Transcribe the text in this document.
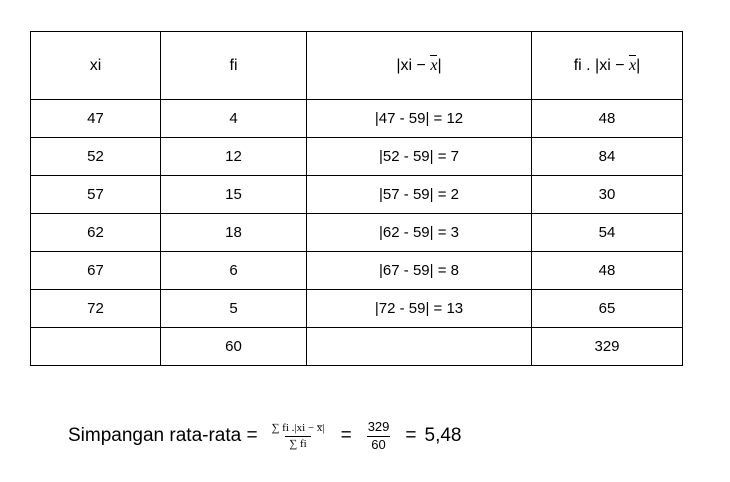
xi	fi	|xi − x|	fi . |xi − x|
47	4	|47 - 59| = 12	48
52	12	|52 - 59| = 7	84
57	15	|57 - 59| = 2	30
62	18	|62 - 59| = 3	54
67	6	|67 - 59| = 8	48
72	5	|72 - 59| = 13	65
	60		329
Simpangan rata-rata = $\frac{\sum fi .|xi - x̅|}{\sum fi} = \frac{329}{60} = 5,48$
